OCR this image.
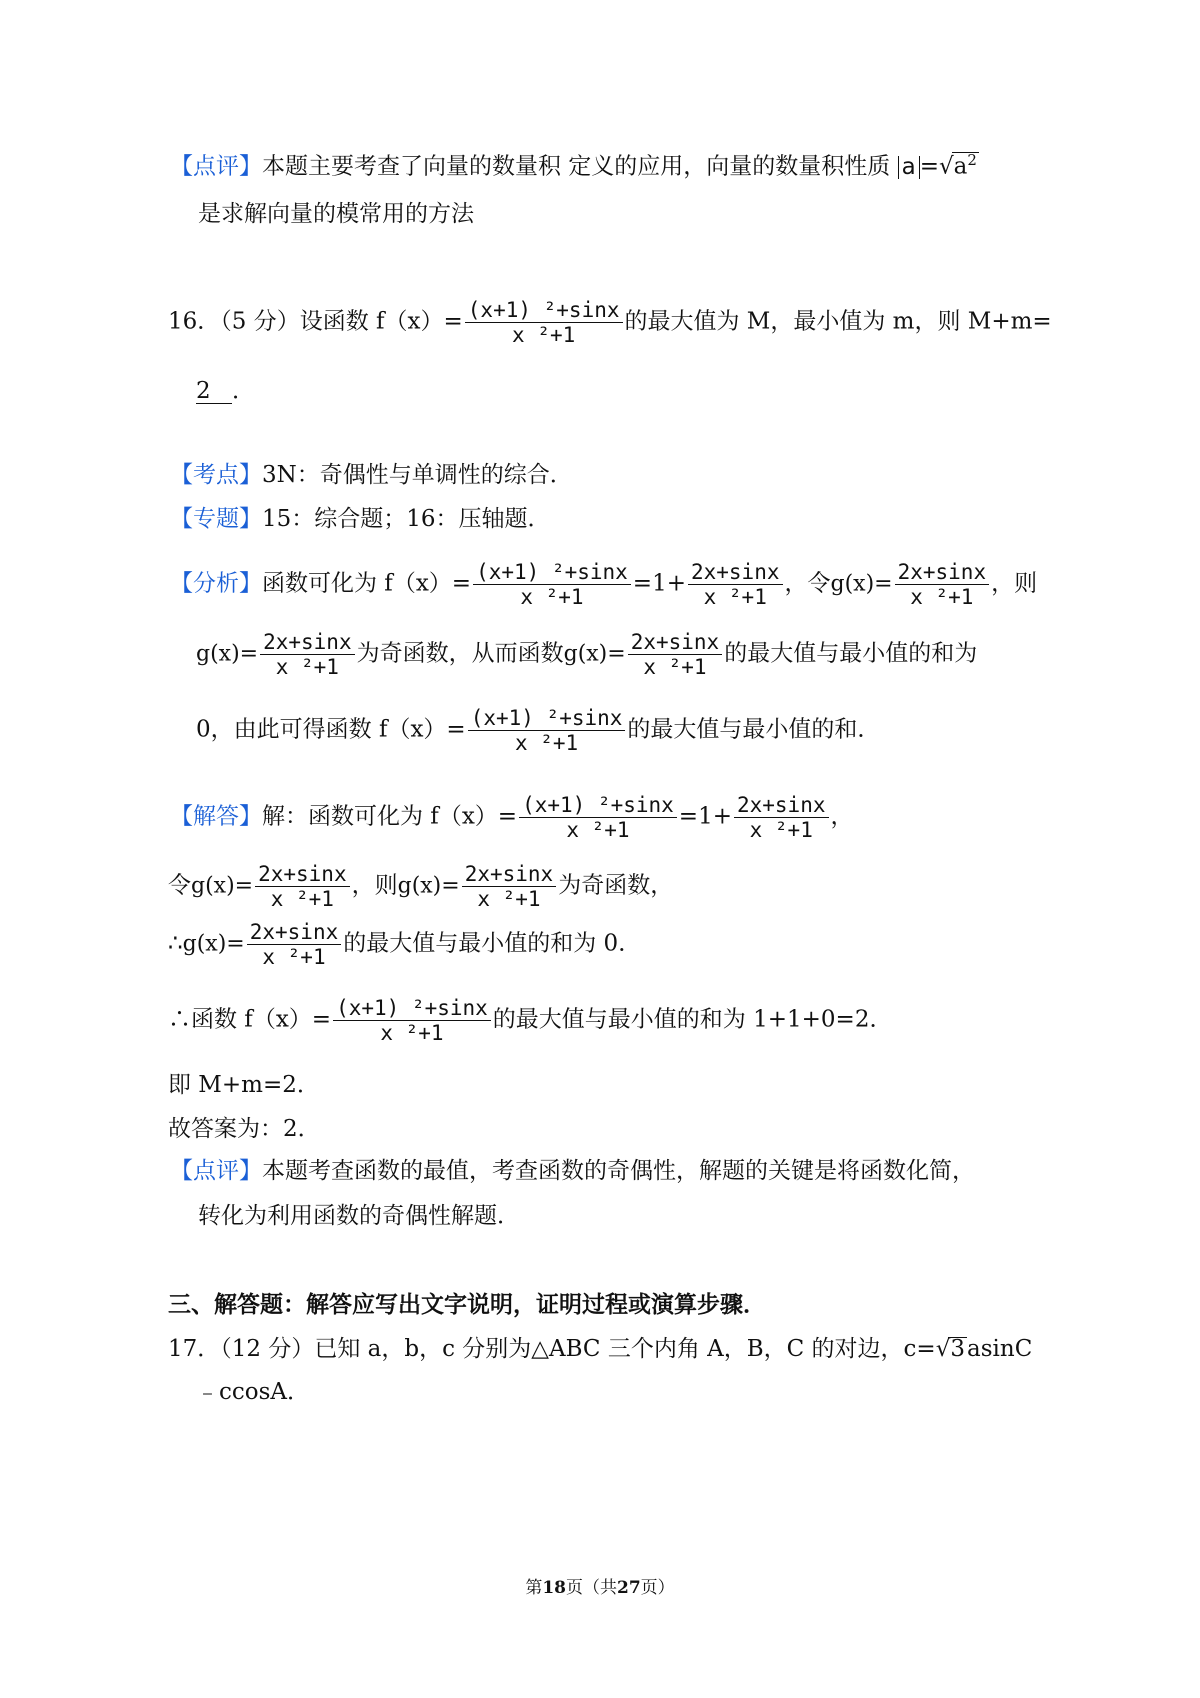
【点评】本题主要考查了向量的数量积 定义的应用，向量的数量积性质 $a =√a^2$
是求解向量的模常用的方法
16．（5 分）设函数 $f(x)= \frac{\text{(x+1) ²+sinx}}{\text{x ²+1}}$ 的最大值为 M，最小值为 m，则 M+m=
2 ．
【考点】3N：奇偶性与单调性的综合．
【专题】15：综合题；16：压轴题．
【分析】函数可化为 $f(x)= \frac{\text{(x+1) ²+sinx}}{\text{x ²+1}} =1+ \frac{2x+\sin x}{\text{x ²+1}}$ ，令$g(x)= \frac{2x+\sin x}{\text{x ²+1}}$ ，则
$g(x)= \frac{2x+\sin x}{\text{x ²+1}}$ 为奇函数，从而函数$g(x)= \frac{2x+\sin x}{\text{x ²+1}}$ 的最大值与最小值的和为
0，由此可得函数 $f(x)= \frac{\text{(x+1) ²+sinx}}{\text{x ²+1}}$ 的最大值与最小值的和．
【解答】解：函数可化为 $f(x)= \frac{\text{(x+1) ²+sinx}}{\text{x ²+1}} =1+ \frac{2x+\sin x}{\text{x ²+1}}$ ，
令$g(x)= \frac{2x+\sin x}{\text{x ²+1}}$ ，则$g(x)= \frac{2x+\sin x}{\text{x ²+1}}$ 为奇函数，
∴g(x)= $\frac{2x+\sin x}{\text{x ²+1}}$ 的最大值与最小值的和为 0．
∴函数 $f(x)= \frac{\text{(x+1) ²+sinx}}{\text{x ²+1}}$ 的最大值与最小值的和为 1+1+0=2．
即 M+m=2．
故答案为：2．
【点评】本题考查函数的最值，考查函数的奇偶性，解题的关键是将函数化简，
转化为利用函数的奇偶性解题．
三、解答题：解答应写出文字说明，证明过程或演算步骤．
17．（12 分）已知 a，b，c 分别为△ABC 三个内角 A，B，C 的对边，c=√3asinC
﹣ccosA．
第18页（共27页）
